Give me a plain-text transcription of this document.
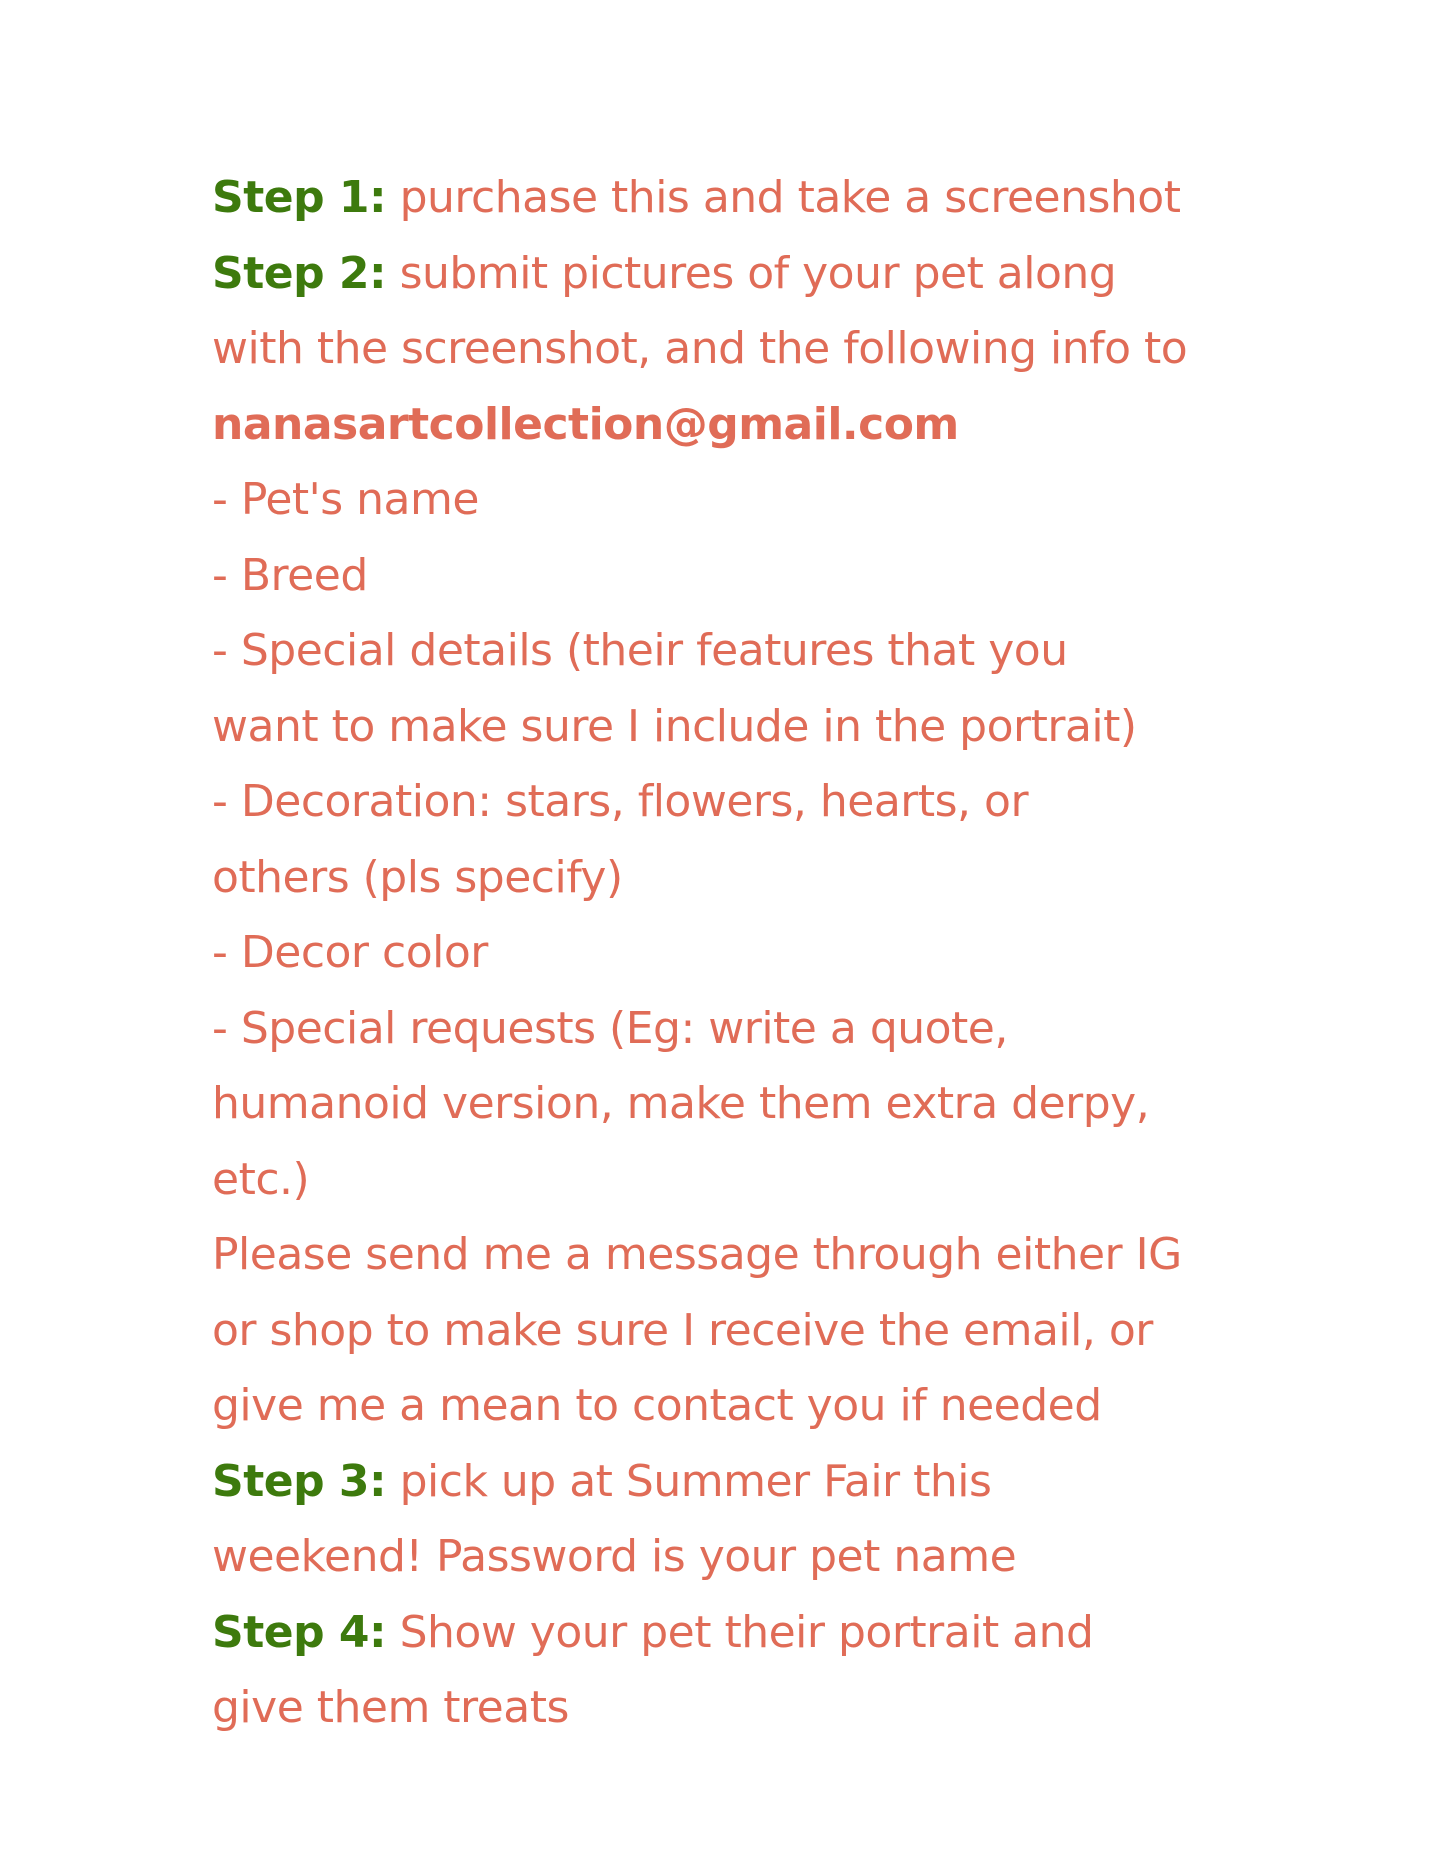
Step 1: purchase this and take a screenshot
Step 2: submit pictures of your pet along
with the screenshot, and the following info to
nanasartcollection@gmail.com
- Pet's name
- Breed
- Special details (their features that you
want to make sure I include in the portrait)
- Decoration: stars, flowers, hearts, or
others (pls specify)
- Decor color
- Special requests (Eg: write a quote,
humanoid version, make them extra derpy,
etc.)
Please send me a message through either IG
or shop to make sure I receive the email, or
give me a mean to contact you if needed
Step 3: pick up at Summer Fair this
weekend! Password is your pet name
Step 4: Show your pet their portrait and
give them treats
